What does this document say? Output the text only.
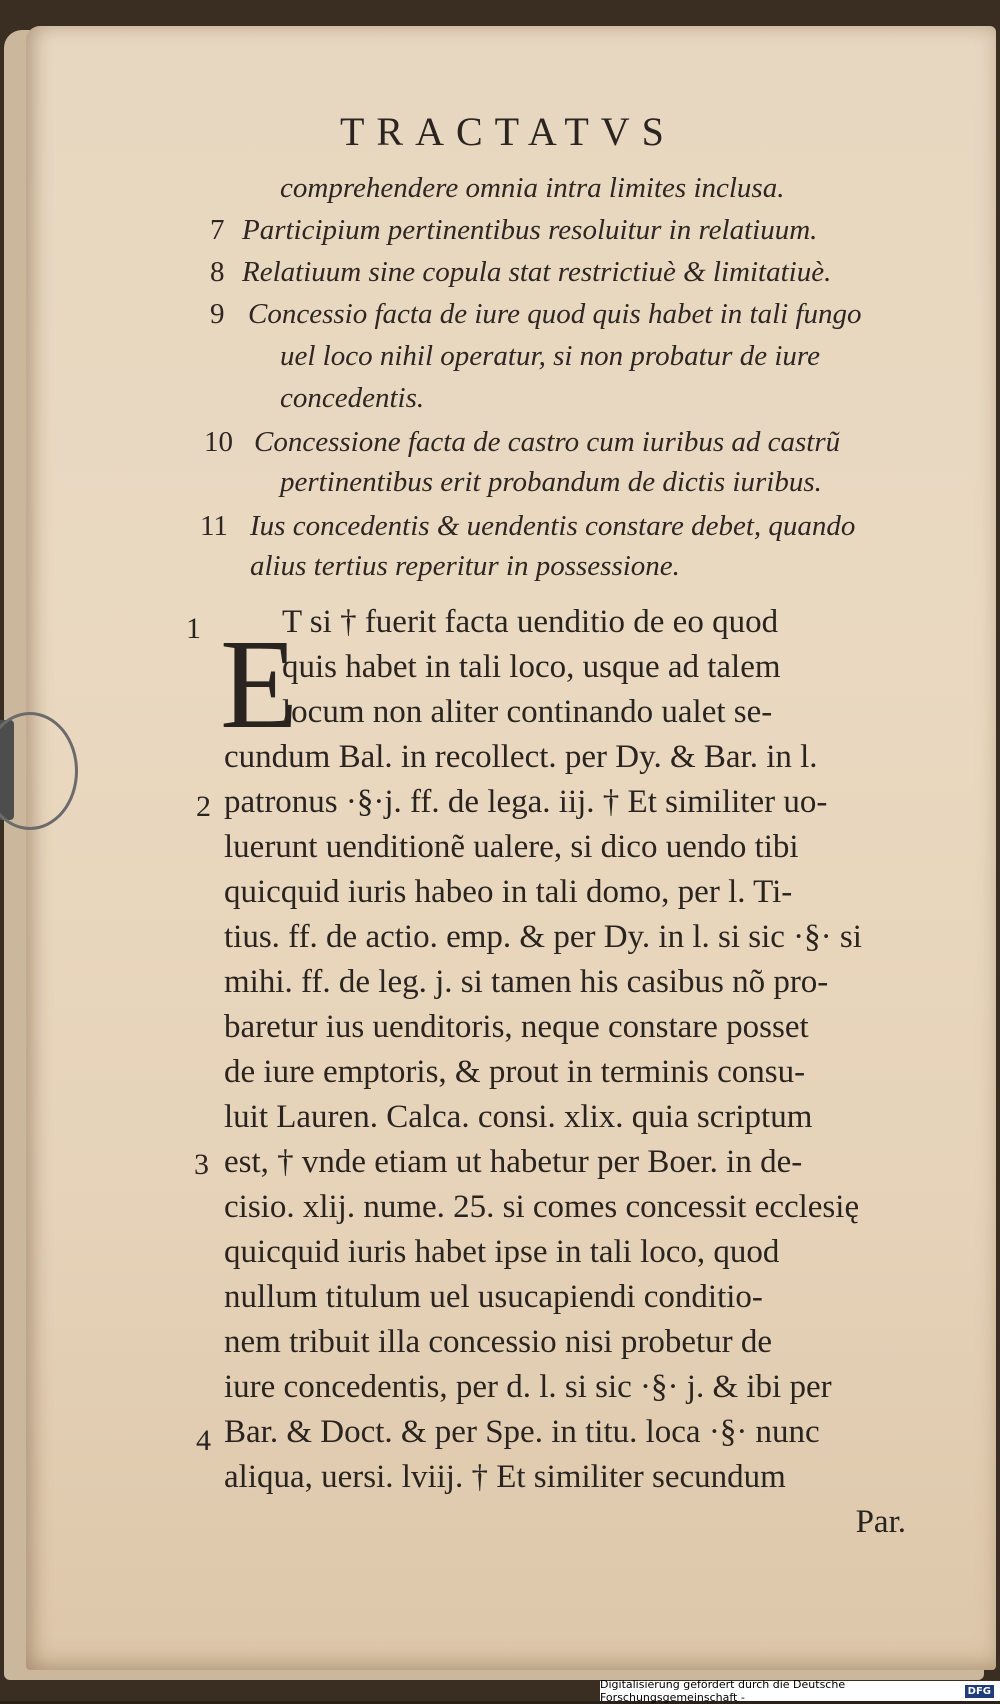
TRACTATVS
comprehendere omnia intra limites inclusa.
7 Participium pertinentibus resoluitur in relatiuum.
8 Relatiuum sine copula stat restrictiuè & limitatiuè.
9 Concessio facta de iure quod quis habet in tali fungo
uel loco nihil operatur, si non probatur de iure
concedentis.
10 Concessione facta de castro cum iuribus ad castrũ
pertinentibus erit probandum de dictis iuribus.
11 Ius concedentis & uendentis constare debet, quando
alius tertius reperitur in possessione.
E
T si † fuerit facta uenditio de eo quod
quis habet in tali loco, usque ad talem
locum non aliter continando ualet se-
cundum Bal. in recollect. per Dy. & Bar. in l.
patronus ·§·j. ff. de lega. iij. † Et similiter uo-
luerunt uenditionẽ ualere, si dico uendo tibi
quicquid iuris habeo in tali domo, per l. Ti-
tius. ff. de actio. emp. & per Dy. in l. si sic ·§· si
mihi. ff. de leg. j. si tamen his casibus nõ pro-
baretur ius uenditoris, neque constare posset
de iure emptoris, & prout in terminis consu-
luit Lauren. Calca. consi. xlix. quia scriptum
est, † vnde etiam ut habetur per Boer. in de-
cisio. xlij. nume. 25. si comes concessit ecclesię
quicquid iuris habet ipse in tali loco, quod
nullum titulum uel usucapiendi conditio-
nem tribuit illa concessio nisi probetur de
iure concedentis, per d. l. si sic ·§· j. & ibi per
Bar. & Doct. & per Spe. in titu. loca ·§· nunc
aliqua, uersi. lviij. † Et similiter secundum
Par.
1
2
3
4
Digitalisierung gefördert durch die Deutsche Forschungsgemeinschaft -	DFG
